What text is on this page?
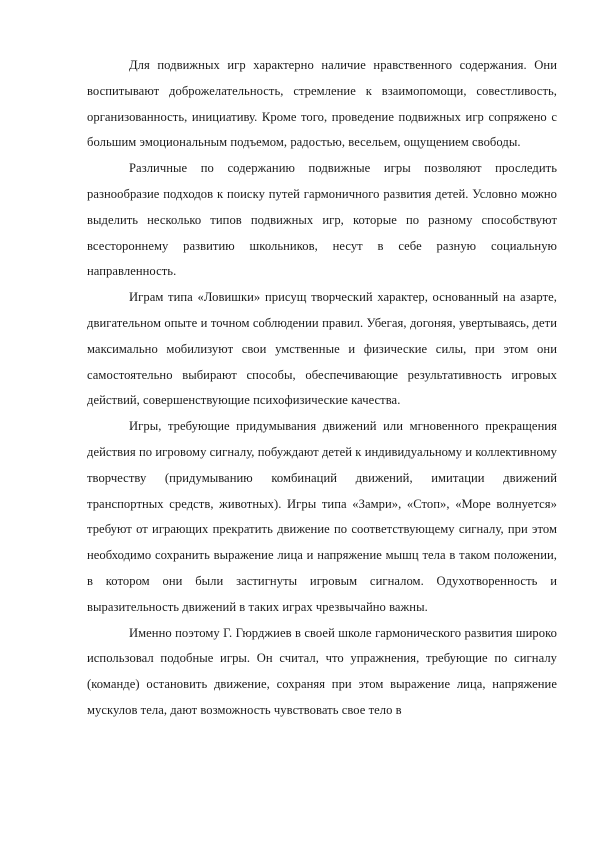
Для подвижных игр характерно наличие нравственного содержания. Они воспитывают доброжелательность, стремление к взаимопомощи, совестливость, организованность, инициативу. Кроме того, проведение подвижных игр сопряжено с большим эмоциональным подъемом, радостью, весельем, ощущением свободы.

Различные по содержанию подвижные игры позволяют проследить разнообразие подходов к поиску путей гармоничного развития детей. Условно можно выделить несколько типов подвижных игр, которые по разному способствуют всестороннему развитию школьников, несут в себе разную социальную направленность.

Играм типа «Ловишки» присущ творческий характер, основанный на азарте, двигательном опыте и точном соблюдении правил. Убегая, догоняя, увертываясь, дети максимально мобилизуют свои умственные и физические силы, при этом они самостоятельно выбирают способы, обеспечивающие результативность игровых действий, совершенствующие психофизические качества.

Игры, требующие придумывания движений или мгновенного прекращения действия по игровому сигналу, побуждают детей к индивидуальному и коллективному творчеству (придумыванию комбинаций движений, имитации движений транспортных средств, животных). Игры типа «Замри», «Стоп», «Море волнуется» требуют от играющих прекратить движение по соответствующему сигналу, при этом необходимо сохранить выражение лица и напряжение мышц тела в таком положении, в котором они были застигнуты игровым сигналом. Одухотворенность и выразительность движений в таких играх чрезвычайно важны.

Именно поэтому Г. Гюрджиев в своей школе гармонического развития широко использовал подобные игры. Он считал, что упражнения, требующие по сигналу (команде) остановить движение, сохраняя при этом выражение лица, напряжение мускулов тела, дают возможность чувствовать свое тело в
